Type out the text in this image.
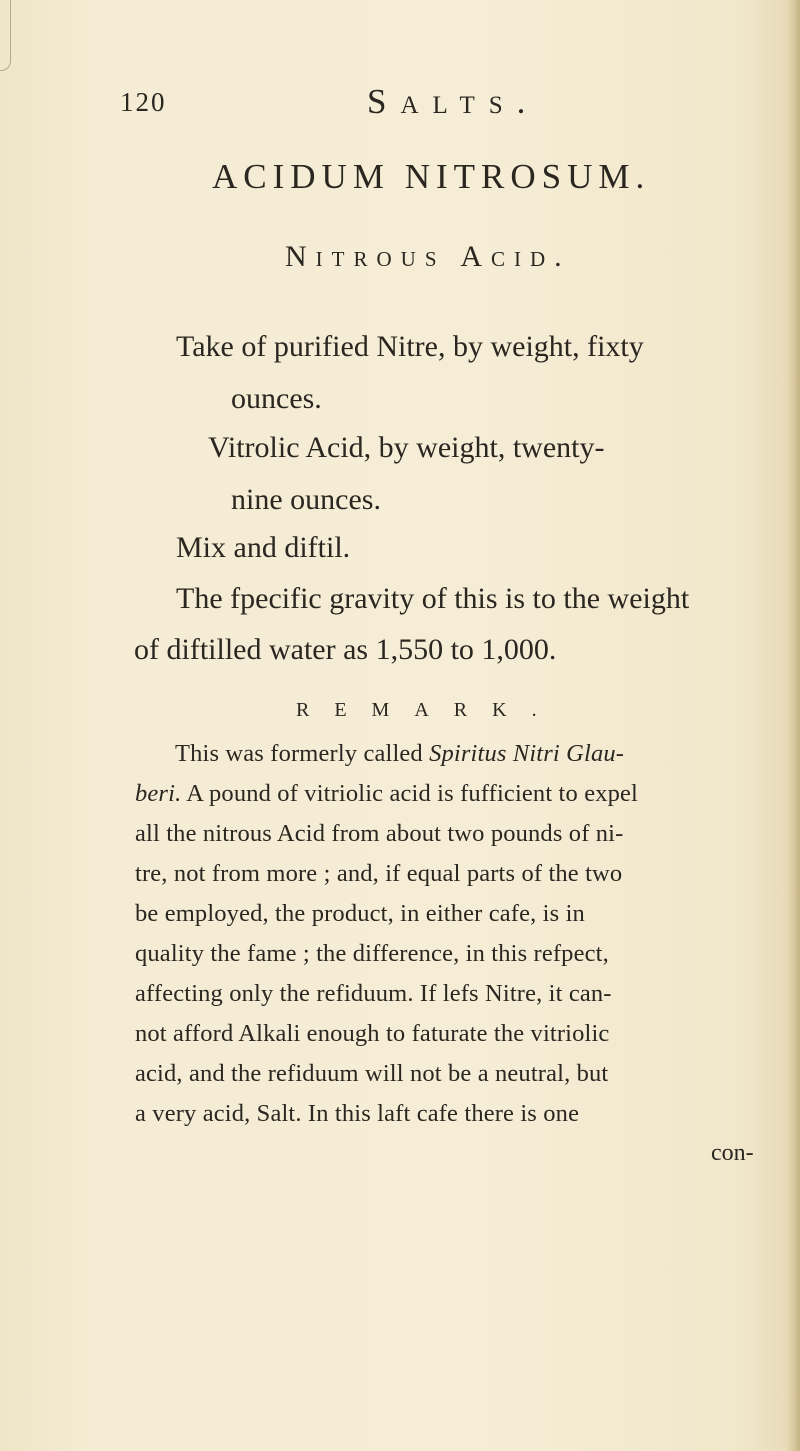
120	Salts.
ACIDUM NITROSUM.
Nitrous Acid.
Take of purified Nitre, by weight, fixty
ounces.
Vitrolic Acid, by weight, twenty-
nine ounces.
Mix and diftil.
The fpecific gravity of this is to the weight
of diftilled water as 1,550 to 1,000.
REMARK.
This was formerly called Spiritus Nitri Glau-
beri. A pound of vitriolic acid is fufficient to expel
all the nitrous Acid from about two pounds of ni-
tre, not from more ; and, if equal parts of the two
be employed, the product, in either cafe, is in
quality the fame ; the difference, in this refpect,
affecting only the refiduum. If lefs Nitre, it can-
not afford Alkali enough to faturate the vitriolic
acid, and the refiduum will not be a neutral, but
a very acid, Salt. In this laft cafe there is one
con-
